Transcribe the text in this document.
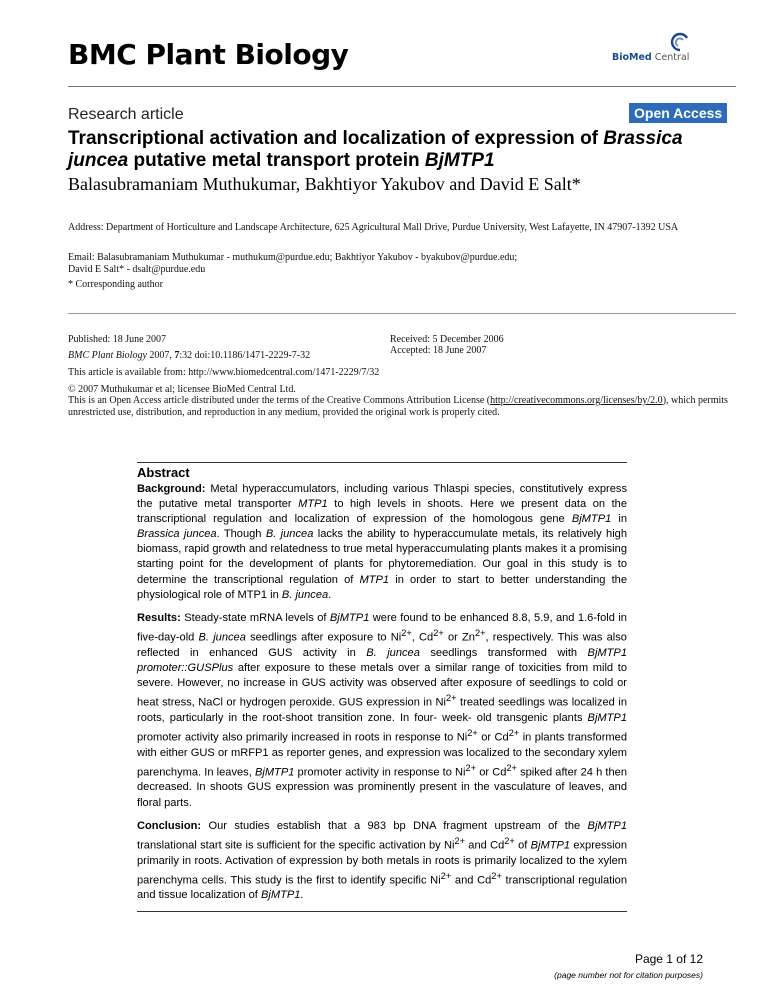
BMC Plant Biology	BioMed Central
Research article	Open Access
Transcriptional activation and localization of expression of Brassica juncea putative metal transport protein BjMTP1
Balasubramaniam Muthukumar, Bakhtiyor Yakubov and David E Salt*
Address: Department of Horticulture and Landscape Architecture, 625 Agricultural Mall Drive, Purdue University, West Lafayette, IN 47907-1392 USA
Email: Balasubramaniam Muthukumar - muthukum@purdue.edu; Bakhtiyor Yakubov - byakubov@purdue.edu;
David E Salt* - dsalt@purdue.edu
* Corresponding author
Published: 18 June 2007
BMC Plant Biology 2007, 7:32 doi:10.1186/1471-2229-7-32
Received: 5 December 2006
Accepted: 18 June 2007
This article is available from: http://www.biomedcentral.com/1471-2229/7/32
© 2007 Muthukumar et al; licensee BioMed Central Ltd.
This is an Open Access article distributed under the terms of the Creative Commons Attribution License (http://creativecommons.org/licenses/by/2.0), which permits unrestricted use, distribution, and reproduction in any medium, provided the original work is properly cited.
Abstract

Background: Metal hyperaccumulators, including various Thlaspi species, constitutively express the putative metal transporter MTP1 to high levels in shoots. Here we present data on the transcriptional regulation and localization of expression of the homologous gene BjMTP1 in Brassica juncea. Though B. juncea lacks the ability to hyperaccumulate metals, its relatively high biomass, rapid growth and relatedness to true metal hyperaccumulating plants makes it a promising starting point for the development of plants for phytoremediation. Our goal in this study is to determine the transcriptional regulation of MTP1 in order to start to better understanding the physiological role of MTP1 in B. juncea.

Results: Steady-state mRNA levels of BjMTP1 were found to be enhanced 8.8, 5.9, and 1.6-fold in five-day-old B. juncea seedlings after exposure to $Ni^{2+}$, $Cd^{2+}$ or $Zn^{2+}$, respectively. This was also reflected in enhanced GUS activity in B. juncea seedlings transformed with BjMTP1 promoter::GUSPlus after exposure to these metals over a similar range of toxicities from mild to severe. However, no increase in GUS activity was observed after exposure of seedlings to cold or heat stress, NaCl or hydrogen peroxide. GUS expression in $Ni^{2+}$ treated seedlings was localized in roots, particularly in the root-shoot transition zone. In four- week- old transgenic plants BjMTP1 promoter activity also primarily increased in roots in response to $Ni^{2+}$ or $Cd^{2+}$ in plants transformed with either GUS or mRFP1 as reporter genes, and expression was localized to the secondary xylem parenchyma. In leaves, BjMTP1 promoter activity in response to $Ni^{2+}$ or $Cd^{2+}$ spiked after 24 h then decreased. In shoots GUS expression was prominently present in the vasculature of leaves, and floral parts.

Conclusion: Our studies establish that a 983 bp DNA fragment upstream of the BjMTP1 translational start site is sufficient for the specific activation by $Ni^{2+}$ and $Cd^{2+}$ of BjMTP1 expression primarily in roots. Activation of expression by both metals in roots is primarily localized to the xylem parenchyma cells. This study is the first to identify specific $Ni^{2+}$ and $Cd^{2+}$ transcriptional regulation and tissue localization of BjMTP1.

Page 1 of 12
(page number not for citation purposes)
